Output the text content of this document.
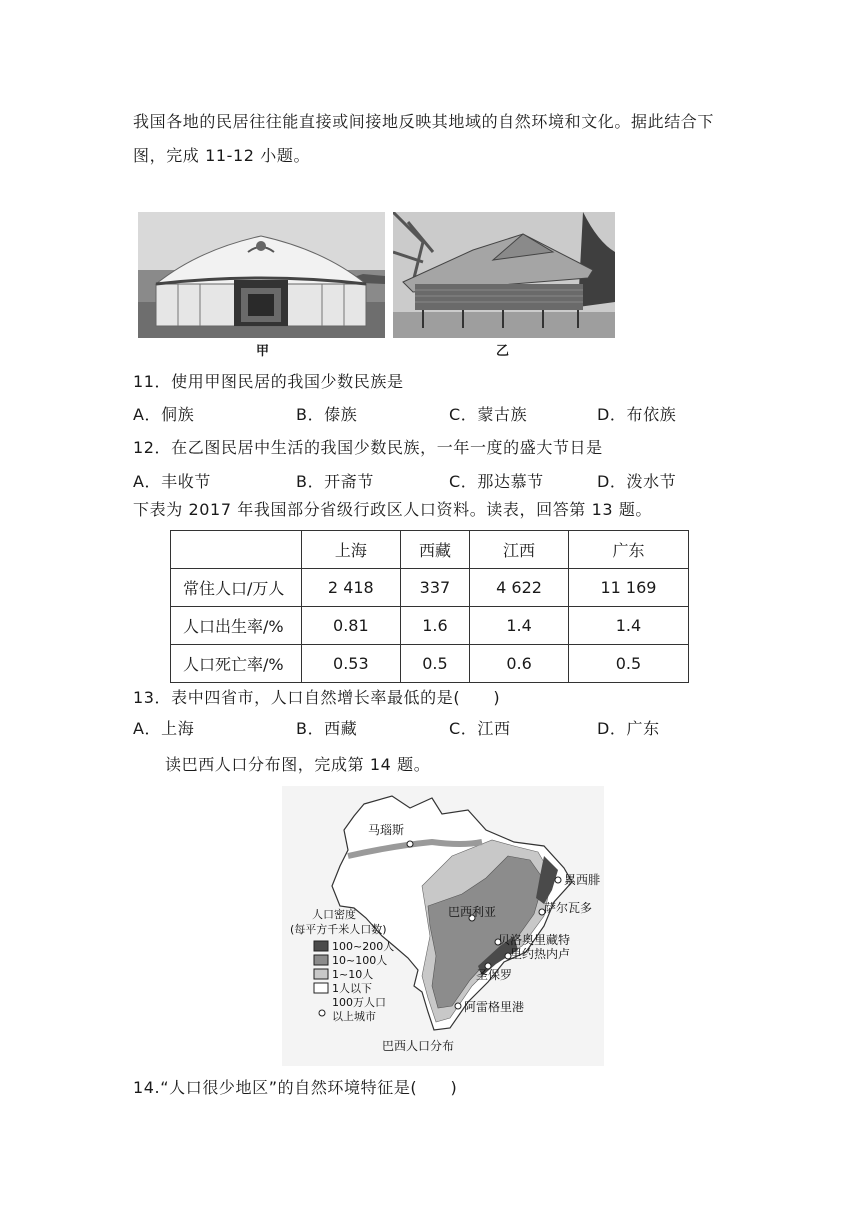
我国各地的民居往往能直接或间接地反映其地域的自然环境和文化。据此结合下
图，完成 11-12 小题。
甲	乙
11．使用甲图民居的我国少数民族是
A．侗族	B．傣族	C．蒙古族	D．布依族
12．在乙图民居中生活的我国少数民族，一年一度的盛大节日是
A．丰收节	B．开斋节	C．那达慕节	D．泼水节
下表为 2017 年我国部分省级行政区人口资料。读表，回答第 13 题。
	上海	西藏	江西	广东
常住人口/万人	2 418	337	4 622	11 169
人口出生率/%	0.81	1.6	1.4	1.4
人口死亡率/%	0.53	0.5	0.6	0.5
13．表中四省市，人口自然增长率最低的是(　　)
A．上海	B．西藏	C．江西	D．广东
读巴西人口分布图，完成第 14 题。
马瑙斯
累西腓
萨尔瓦多
巴西利亚
贝洛奥里藏特
里约热内卢
圣保罗
阿雷格里港
人口密度
(每平方千米人口数)
100~200人
10~100人
1~10人
1人以下
100万人口
以上城市
巴西人口分布
14.“人口很少地区”的自然环境特征是(　　)
